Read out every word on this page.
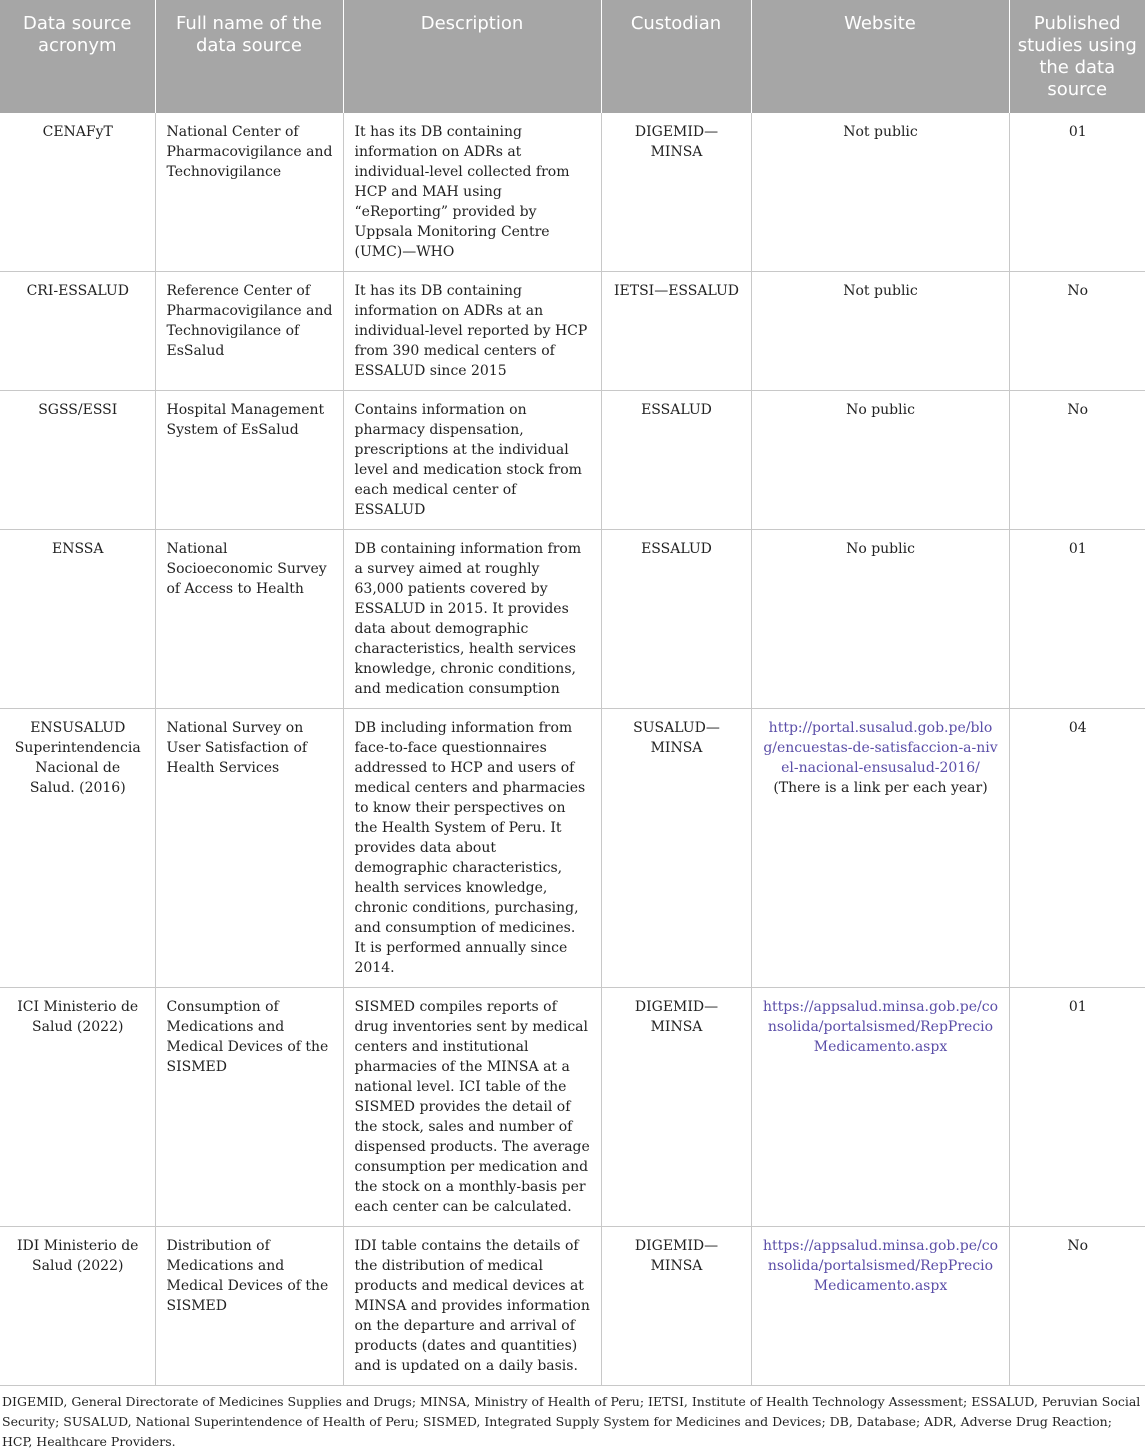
Data source acronym	Full name of the data source	Description	Custodian	Website	Published studies using the data source
CENAFyT	National Center of Pharmacovigilance and Technovigilance	It has its DB containing information on ADRs at individual-level collected from HCP and MAH using “eReporting” provided by Uppsala Monitoring Centre (UMC)—WHO	DIGEMID—MINSA	Not public	01
CRI-ESSALUD	Reference Center of Pharmacovigilance and Technovigilance of EsSalud	It has its DB containing information on ADRs at an individual-level reported by HCP from 390 medical centers of ESSALUD since 2015	IETSI—ESSALUD	Not public	No
SGSS/ESSI	Hospital Management System of EsSalud	Contains information on pharmacy dispensation, prescriptions at the individual level and medication stock from each medical center of ESSALUD	ESSALUD	No public	No
ENSSA	National Socioeconomic Survey of Access to Health	DB containing information from a survey aimed at roughly 63,000 patients covered by ESSALUD in 2015. It provides data about demographic characteristics, health services knowledge, chronic conditions, and medication consumption	ESSALUD	No public	01
ENSUSALUD Superintendencia Nacional de Salud. (2016)	National Survey on User Satisfaction of Health Services	DB including information from face-to-face questionnaires addressed to HCP and users of medical centers and pharmacies to know their perspectives on the Health System of Peru. It provides data about demographic characteristics, health services knowledge, chronic conditions, purchasing, and consumption of medicines. It is performed annually since 2014.	SUSALUD—MINSA	http://portal.susalud.gob.pe/blog/encuestas-de-satisfaccion-a-nivel-nacional-ensusalud-2016/ (There is a link per each year)	04
ICI Ministerio de Salud (2022)	Consumption of Medications and Medical Devices of the SISMED	SISMED compiles reports of drug inventories sent by medical centers and institutional pharmacies of the MINSA at a national level. ICI table of the SISMED provides the detail of the stock, sales and number of dispensed products. The average consumption per medication and the stock on a monthly-basis per each center can be calculated.	DIGEMID—MINSA	https://appsalud.minsa.gob.pe/consolida/portalsismed/RepPrecioMedicamento.aspx	01
IDI Ministerio de Salud (2022)	Distribution of Medications and Medical Devices of the SISMED	IDI table contains the details of the distribution of medical products and medical devices at MINSA and provides information on the departure and arrival of products (dates and quantities) and is updated on a daily basis.	DIGEMID—MINSA	https://appsalud.minsa.gob.pe/consolida/portalsismed/RepPrecioMedicamento.aspx	No
DIGEMID, General Directorate of Medicines Supplies and Drugs; MINSA, Ministry of Health of Peru; IETSI, Institute of Health Technology Assessment; ESSALUD, Peruvian Social Security; SUSALUD, National Superintendence of Health of Peru; SISMED, Integrated Supply System for Medicines and Devices; DB, Database; ADR, Adverse Drug Reaction; HCP, Healthcare Providers.
